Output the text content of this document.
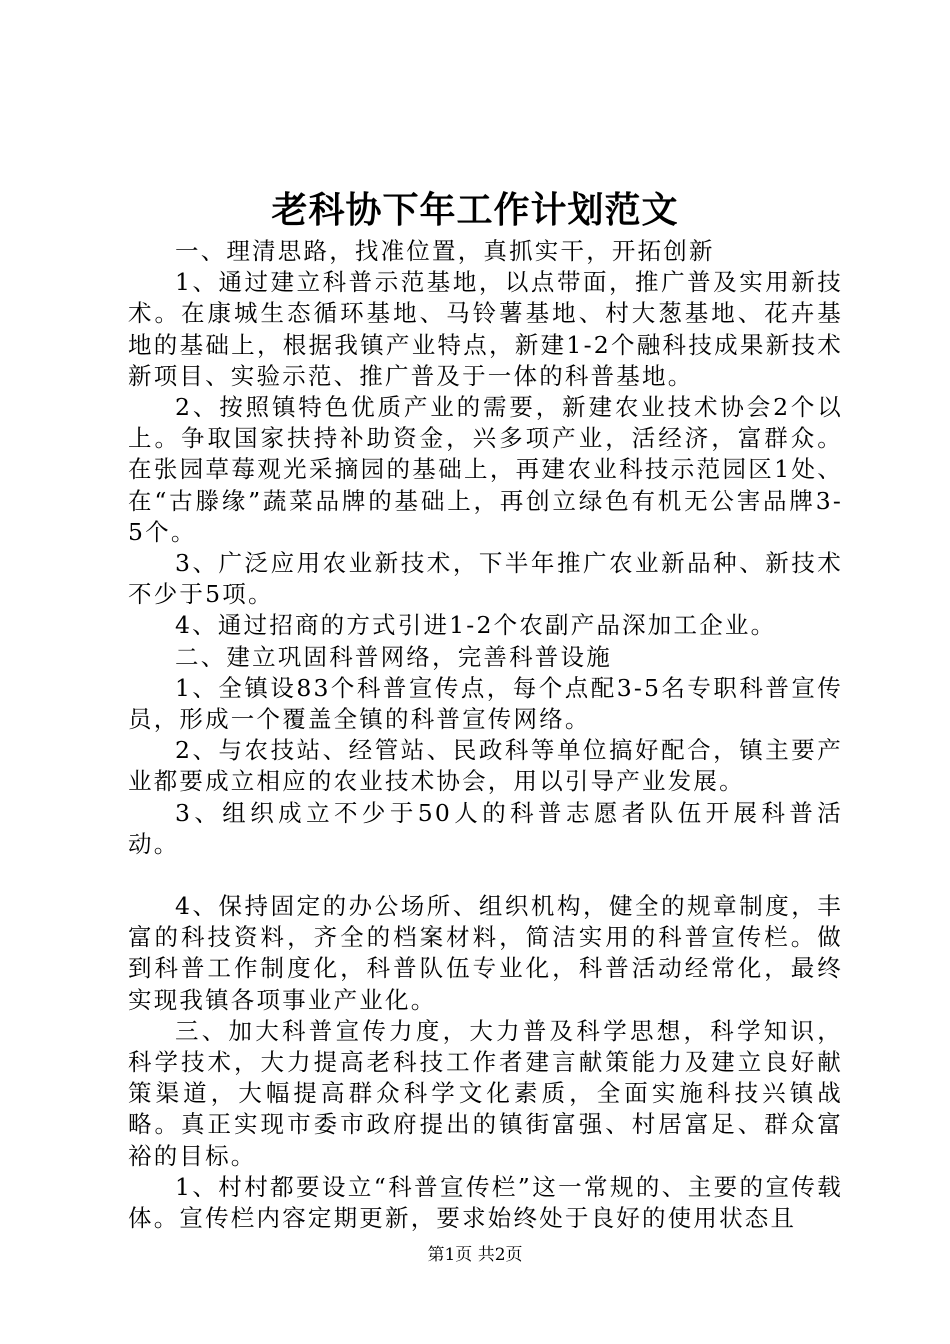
老科协下年工作计划范文

一、理清思路，找准位置，真抓实干，开拓创新

1、通过建立科普示范基地，以点带面，推广普及实用新技术。在康城生态循环基地、马铃薯基地、村大葱基地、花卉基地的基础上，根据我镇产业特点，新建1-2个融科技成果新技术新项目、实验示范、推广普及于一体的科普基地。

2、按照镇特色优质产业的需要，新建农业技术协会2个以上。争取国家扶持补助资金，兴多项产业，活经济，富群众。在张园草莓观光采摘园的基础上，再建农业科技示范园区1处、在“古滕缘”蔬菜品牌的基础上，再创立绿色有机无公害品牌3-5个。

3、广泛应用农业新技术，下半年推广农业新品种、新技术不少于5项。

4、通过招商的方式引进1-2个农副产品深加工企业。

二、建立巩固科普网络，完善科普设施

1、全镇设83个科普宣传点，每个点配3-5名专职科普宣传员，形成一个覆盖全镇的科普宣传网络。

2、与农技站、经管站、民政科等单位搞好配合，镇主要产业都要成立相应的农业技术协会，用以引导产业发展。

3、组织成立不少于50人的科普志愿者队伍开展科普活动。

4、保持固定的办公场所、组织机构，健全的规章制度，丰富的科技资料，齐全的档案材料，简洁实用的科普宣传栏。做到科普工作制度化，科普队伍专业化，科普活动经常化，最终实现我镇各项事业产业化。

三、加大科普宣传力度，大力普及科学思想，科学知识，科学技术，大力提高老科技工作者建言献策能力及建立良好献策渠道，大幅提高群众科学文化素质，全面实施科技兴镇战略。真正实现市委市政府提出的镇街富强、村居富足、群众富裕的目标。

1、村村都要设立“科普宣传栏”这一常规的、主要的宣传载体。宣传栏内容定期更新，要求始终处于良好的使用状态且

第1页 共2页
